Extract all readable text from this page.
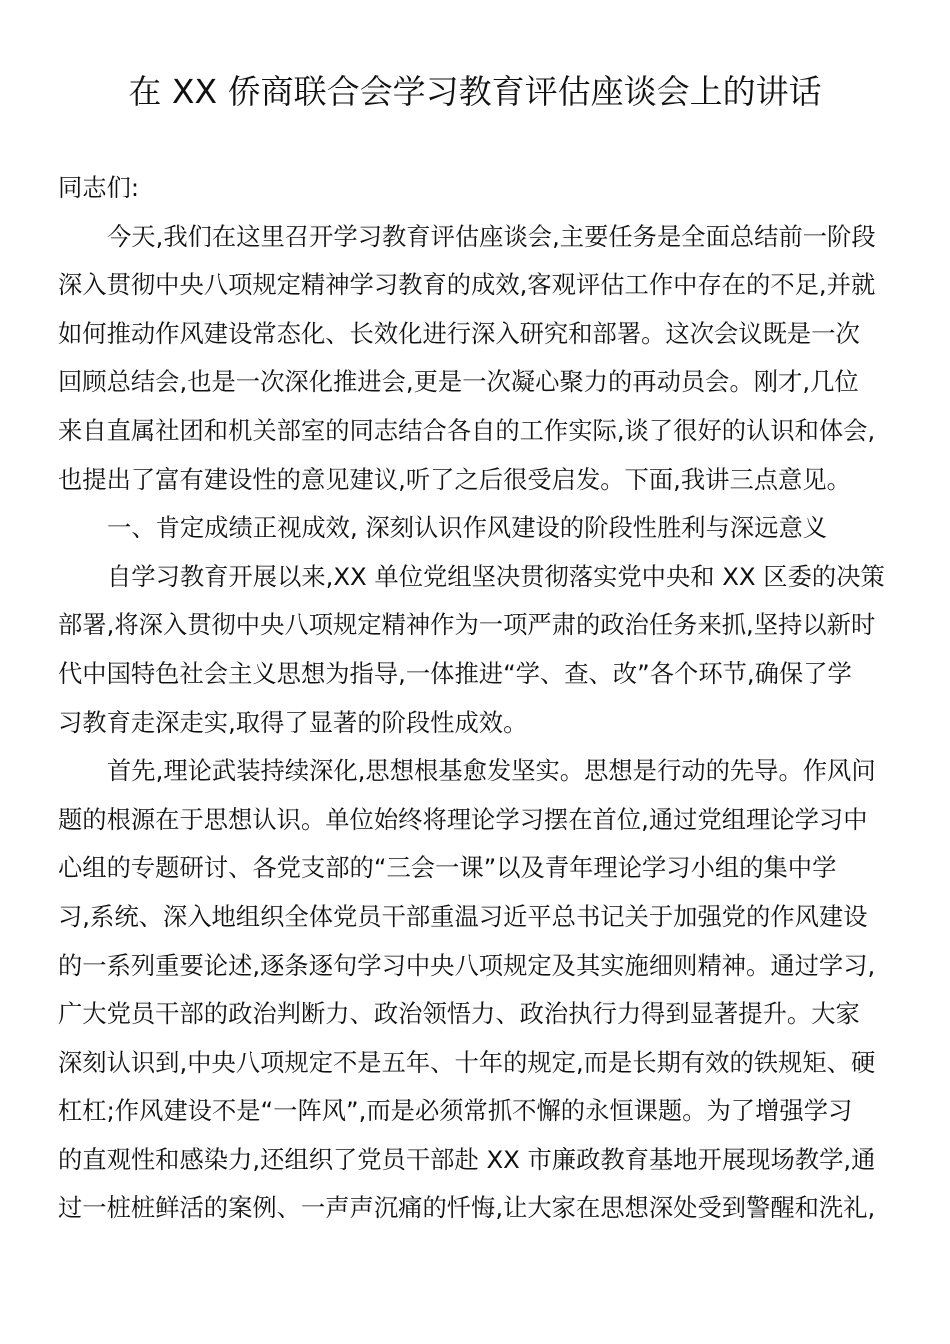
在 XX 侨商联合会学习教育评估座谈会上的讲话
同志们:
今天,我们在这里召开学习教育评估座谈会,主要任务是全面总结前一阶段
深入贯彻中央八项规定精神学习教育的成效,客观评估工作中存在的不足,并就
如何推动作风建设常态化、长效化进行深入研究和部署。这次会议既是一次
回顾总结会,也是一次深化推进会,更是一次凝心聚力的再动员会。刚才,几位
来自直属社团和机关部室的同志结合各自的工作实际,谈了很好的认识和体会,
也提出了富有建设性的意见建议,听了之后很受启发。下面,我讲三点意见。
一、肯定成绩正视成效, 深刻认识作风建设的阶段性胜利与深远意义
自学习教育开展以来,XX 单位党组坚决贯彻落实党中央和 XX 区委的决策
部署,将深入贯彻中央八项规定精神作为一项严肃的政治任务来抓,坚持以新时
代中国特色社会主义思想为指导,一体推进“学、查、改”各个环节,确保了学
习教育走深走实,取得了显著的阶段性成效。
首先,理论武装持续深化,思想根基愈发坚实。思想是行动的先导。作风问
题的根源在于思想认识。单位始终将理论学习摆在首位,通过党组理论学习中
心组的专题研讨、各党支部的“三会一课”以及青年理论学习小组的集中学
习,系统、深入地组织全体党员干部重温习近平总书记关于加强党的作风建设
的一系列重要论述,逐条逐句学习中央八项规定及其实施细则精神。通过学习,
广大党员干部的政治判断力、政治领悟力、政治执行力得到显著提升。大家
深刻认识到,中央八项规定不是五年、十年的规定,而是长期有效的铁规矩、硬
杠杠;作风建设不是“一阵风”,而是必须常抓不懈的永恒课题。为了增强学习
的直观性和感染力,还组织了党员干部赴 XX 市廉政教育基地开展现场教学,通
过一桩桩鲜活的案例、一声声沉痛的忏悔,让大家在思想深处受到警醒和洗礼,
